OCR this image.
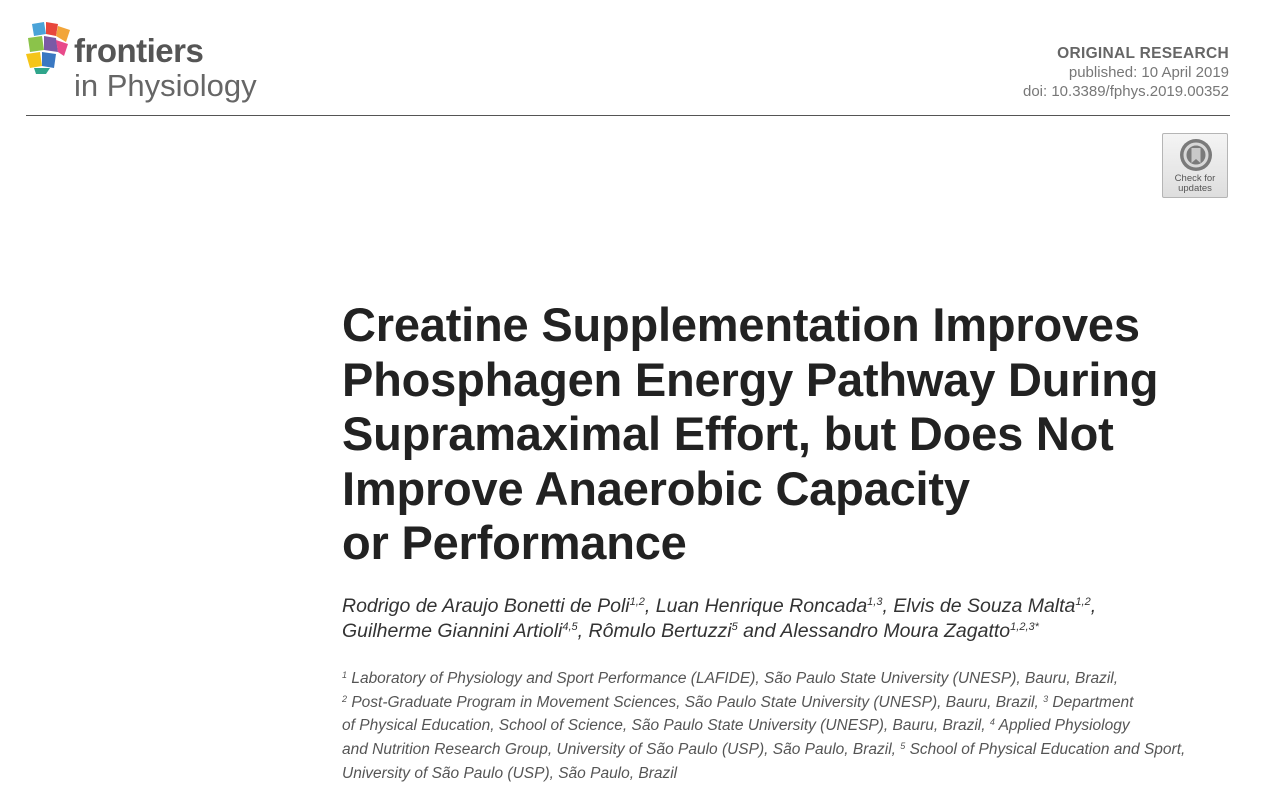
frontiers
in Physiology
ORIGINAL RESEARCH
published: 10 April 2019
doi: 10.3389/fphys.2019.00352
Check for
updates
Creatine Supplementation Improves
Phosphagen Energy Pathway During
Supramaximal Effort, but Does Not
Improve Anaerobic Capacity
or Performance
Rodrigo de Araujo Bonetti de Poli$^{1,2}$, Luan Henrique Roncada$^{1,3}$, Elvis de Souza Malta$^{1,2}$,
Guilherme Giannini Artioli$^{4,5}$, Rômulo Bertuzzi$^5$ and Alessandro Moura Zagatto$^{1,2,3*}$
$^1$ Laboratory of Physiology and Sport Performance (LAFIDE), São Paulo State University (UNESP), Bauru, Brazil,
$^2$ Post-Graduate Program in Movement Sciences, São Paulo State University (UNESP), Bauru, Brazil, $^3$ Department
of Physical Education, School of Science, São Paulo State University (UNESP), Bauru, Brazil, $^4$ Applied Physiology
and Nutrition Research Group, University of São Paulo (USP), São Paulo, Brazil, $^5$ School of Physical Education and Sport,
University of São Paulo (USP), São Paulo, Brazil
